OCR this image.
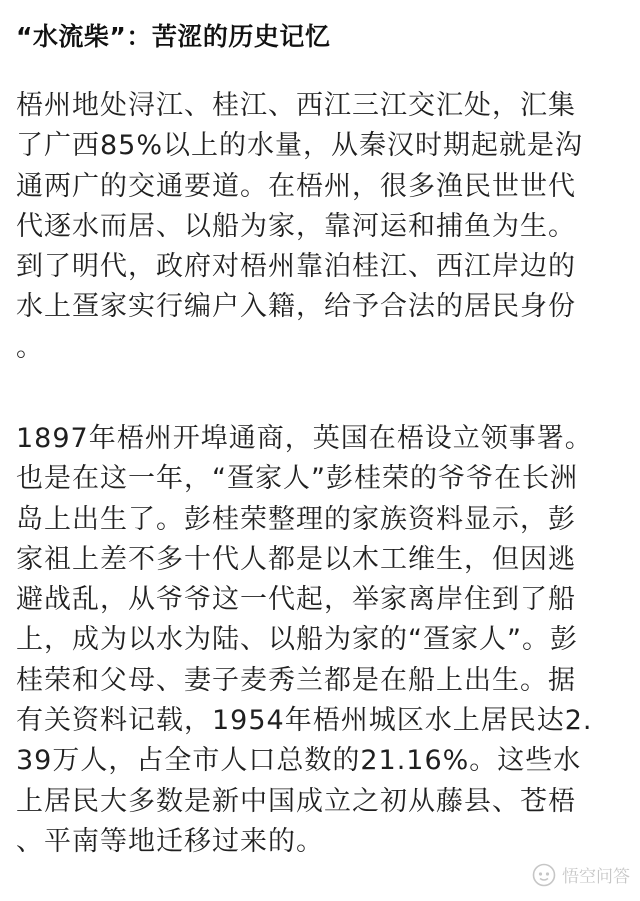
“水流柴”：苦涩的历史记忆

梧州地处浔江、桂江、西江三江交汇处，汇集
了广西85%以上的水量，从秦汉时期起就是沟
通两广的交通要道。在梧州，很多渔民世世代
代逐水而居、以船为家，靠河运和捕鱼为生。
到了明代，政府对梧州靠泊桂江、西江岸边的
水上疍家实行编户入籍，给予合法的居民身份
。

1897年梧州开埠通商，英国在梧设立领事署。
也是在这一年，“疍家人”彭桂荣的爷爷在长洲
岛上出生了。彭桂荣整理的家族资料显示，彭
家祖上差不多十代人都是以木工维生，但因逃
避战乱，从爷爷这一代起，举家离岸住到了船
上，成为以水为陆、以船为家的“疍家人”。彭
桂荣和父母、妻子麦秀兰都是在船上出生。据
有关资料记载，1954年梧州城区水上居民达2.
39万人，占全市人口总数的21.16%。这些水
上居民大多数是新中国成立之初从藤县、苍梧
、平南等地迁移过来的。

悟空问答
